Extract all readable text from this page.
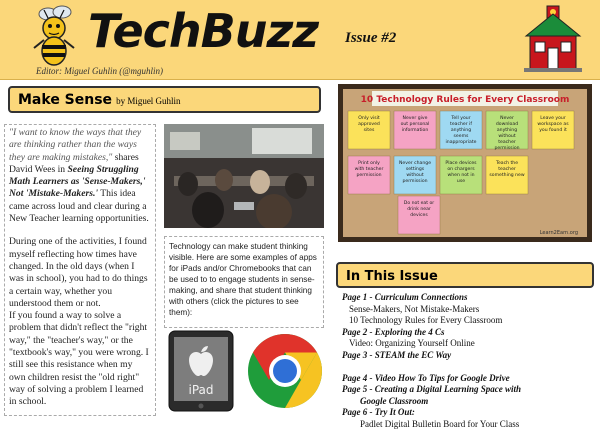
TechBuzz
Editor: Miguel Guhlin (@mguhlin)
Issue #2
Make Sense by Miguel Guhlin

"I want to know the ways that they are thinking rather than the ways they are making mistakes," shares David Wees in Seeing Struggling Math Learners as 'Sense-Makers,' Not 'Mistake-Makers.' This idea came across loud and clear during a New Teacher learning opportunities.

During one of the activities, I found myself reflecting how times have changed. In the old days (when I was in school), you had to do things a certain way, whether you understood them or not.

If you found a way to solve a problem that didn't reflect the "right way," the "teacher's way," or the "textbook's way," you were wrong. I still see this resistance when my own children resist the "old right" way of solving a problem I learned in school.

Technology can make student thinking visible. Here are some examples of apps for iPads and/or Chromebooks that can be used to to engage students in sense-making, and share that student thinking with others (click the pictures to see them):
iPad
10 Technology Rules for Every Classroom
Only visit approved sites
Never give out personal information
Tell your teacher if anything seems inappropriate
Never download anything without teacher permission
Leave your workspace as you found it
Print only with teacher permission
Never change settings without permission
Place devices on chargers when not in use
Teach the teacher something new
Do not eat or drink near devices
Learn2Earn.org
In This Issue
Page 1 - Curriculum Connections
Sense-Makers, Not Mistake-Makers
10 Technology Rules for Every Classroom
Page 2 - Exploring the 4 Cs
Video: Organizing Yourself Online
Page 3 - STEAM the EC Way
Page 4 - Video How To Tips for Google Drive
Page 5 - Creating a Digital Learning Space with
Google Classroom
Page 6 - Try It Out:
Padlet Digital Bulletin Board for Your Class
